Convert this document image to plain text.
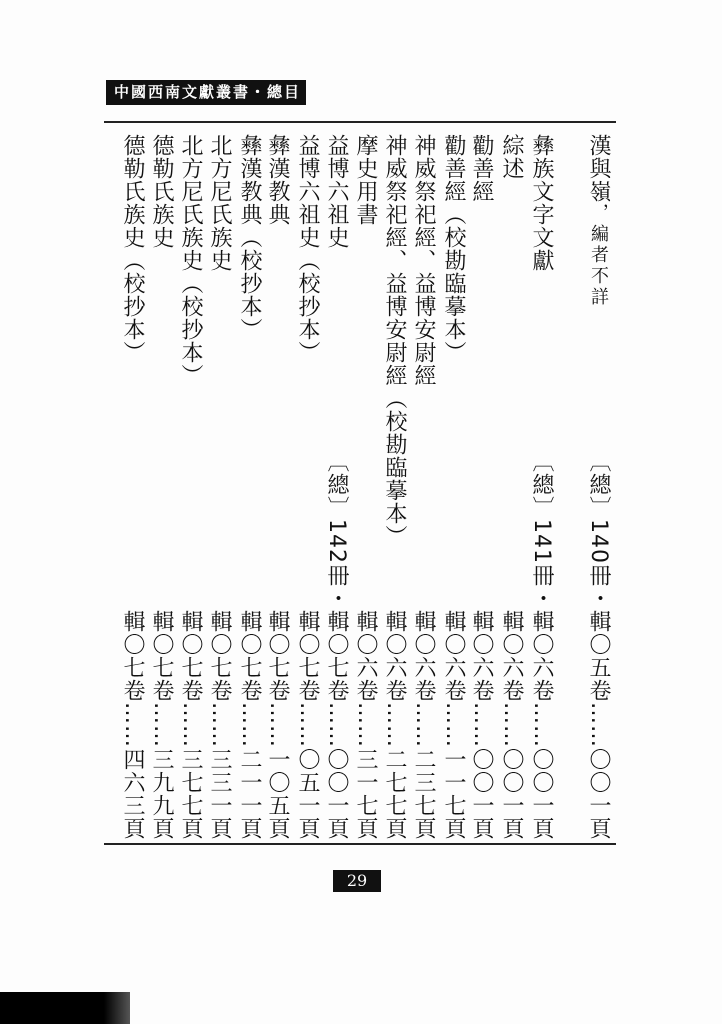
中國西南文獻叢書・總目
漢與嶺，編者不詳
〔總〕140冊・輯〇五卷……〇〇一頁
彝族文字文獻
〔總〕141冊・輯〇六卷……〇〇一頁
綜述
輯〇六卷……〇〇一頁
勸善經
輯〇六卷……〇〇一頁
勸善經（校勘臨摹本）
輯〇六卷……一一七頁
神威祭祀經、益博安尉經
輯〇六卷……二三七頁
神威祭祀經、益博安尉經（校勘臨摹本）
輯〇六卷……二七七頁
摩史用書
輯〇六卷……三一七頁
益博六祖史
〔總〕142冊・輯〇七卷……〇〇一頁
益博六祖史（校抄本）
輯〇七卷……〇五一頁
彝漢教典
輯〇七卷……一〇五頁
彝漢教典（校抄本）
輯〇七卷……二一一頁
北方尼氏族史
輯〇七卷……三三一頁
北方尼氏族史（校抄本）
輯〇七卷……三七七頁
德勒氏族史
輯〇七卷……三九九頁
德勒氏族史（校抄本）
輯〇七卷……四六三頁
29
